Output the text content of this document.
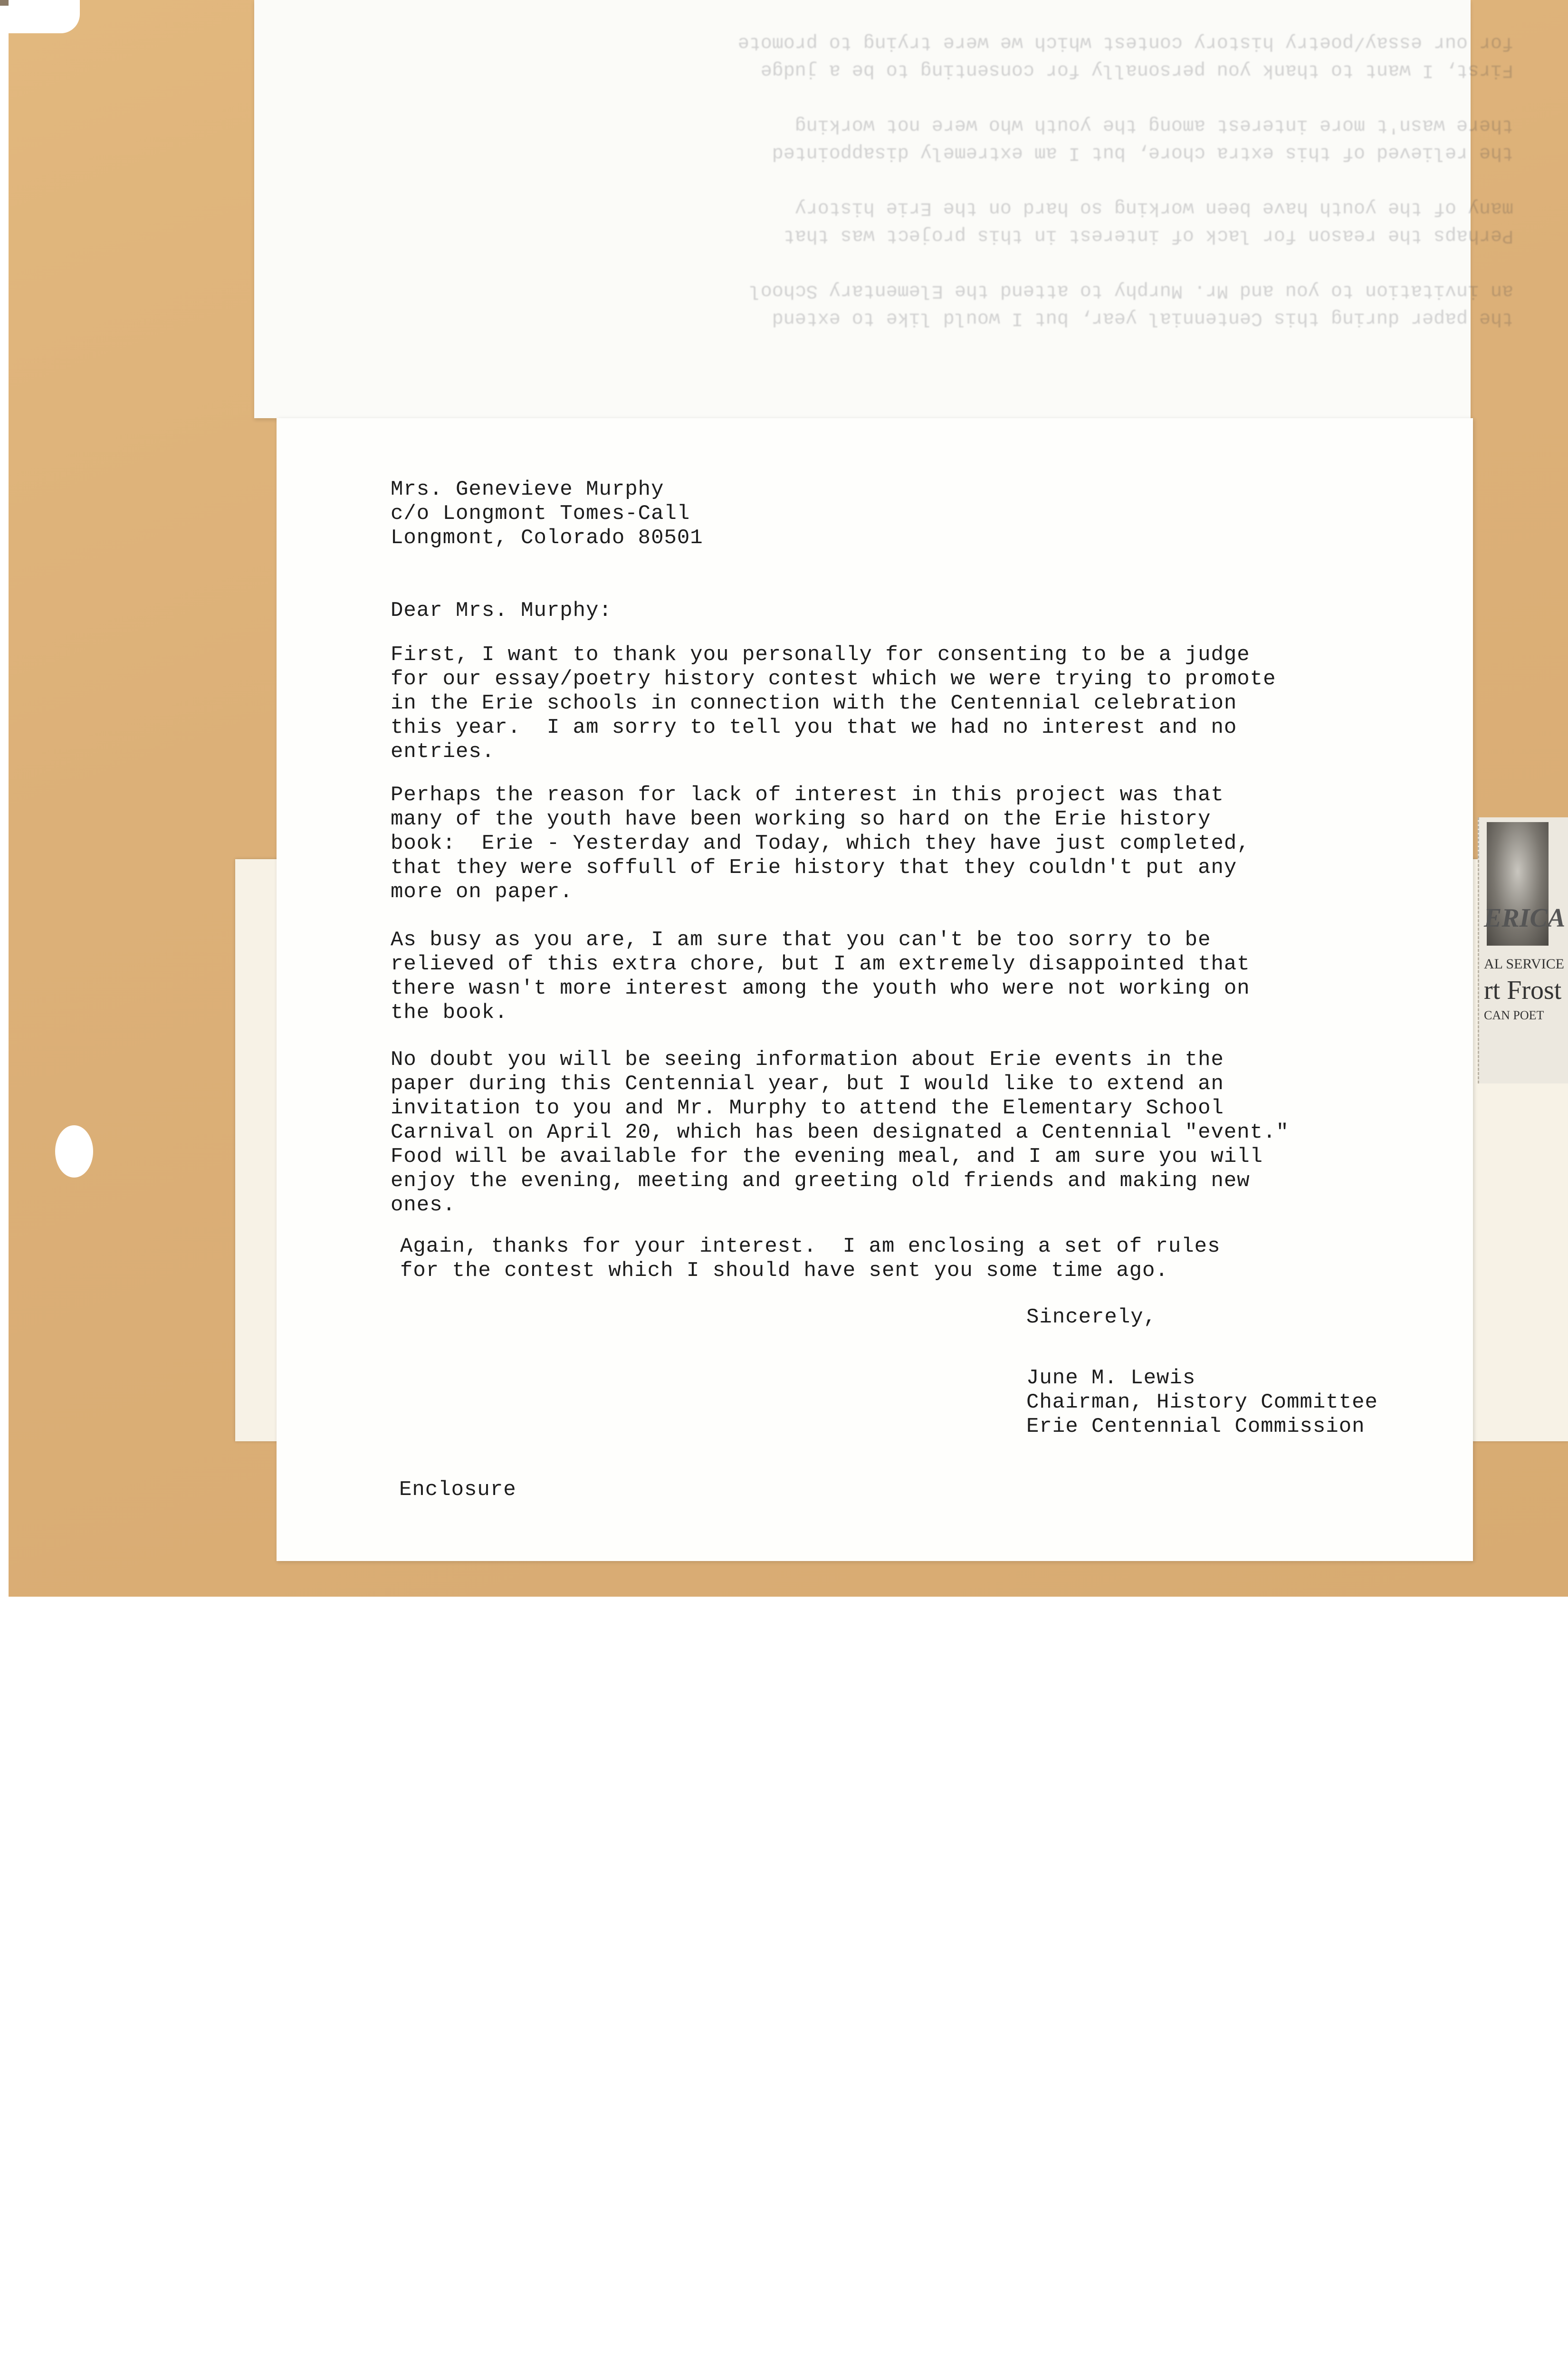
ERICA
AL SERVICE
rt Frost
CAN POET
the paper during this Centennial year, but I would like to extend
an invitation to you and Mr. Murphy to attend the Elementary School

Perhaps the reason for lack of interest in this project was that
many of the youth have been working so hard on the Erie history

the relieved of this extra chore, but I am extremely disappointed
there wasn't more interest among the youth who were not working

First, I want to thank you personally for consenting to be a judge
for our essay/poetry history contest which we were trying to promote
Mrs. Genevieve Murphy
c/o Longmont Tomes-Call
Longmont, Colorado 80501
Dear Mrs. Murphy:
First, I want to thank you personally for consenting to be a judge
for our essay/poetry history contest which we were trying to promote
in the Erie schools in connection with the Centennial celebration
this year.  I am sorry to tell you that we had no interest and no
entries.
Perhaps the reason for lack of interest in this project was that
many of the youth have been working so hard on the Erie history
book:  Erie - Yesterday and Today, which they have just completed,
that they were soffull of Erie history that they couldn't put any
more on paper.
As busy as you are, I am sure that you can't be too sorry to be
relieved of this extra chore, but I am extremely disappointed that
there wasn't more interest among the youth who were not working on
the book.
No doubt you will be seeing information about Erie events in the
paper during this Centennial year, but I would like to extend an
invitation to you and Mr. Murphy to attend the Elementary School
Carnival on April 20, which has been designated a Centennial "event."
Food will be available for the evening meal, and I am sure you will
enjoy the evening, meeting and greeting old friends and making new
ones.
Again, thanks for your interest.  I am enclosing a set of rules
for the contest which I should have sent you some time ago.
Sincerely,
June M. Lewis
Chairman, History Committee
Erie Centennial Commission
Enclosure
